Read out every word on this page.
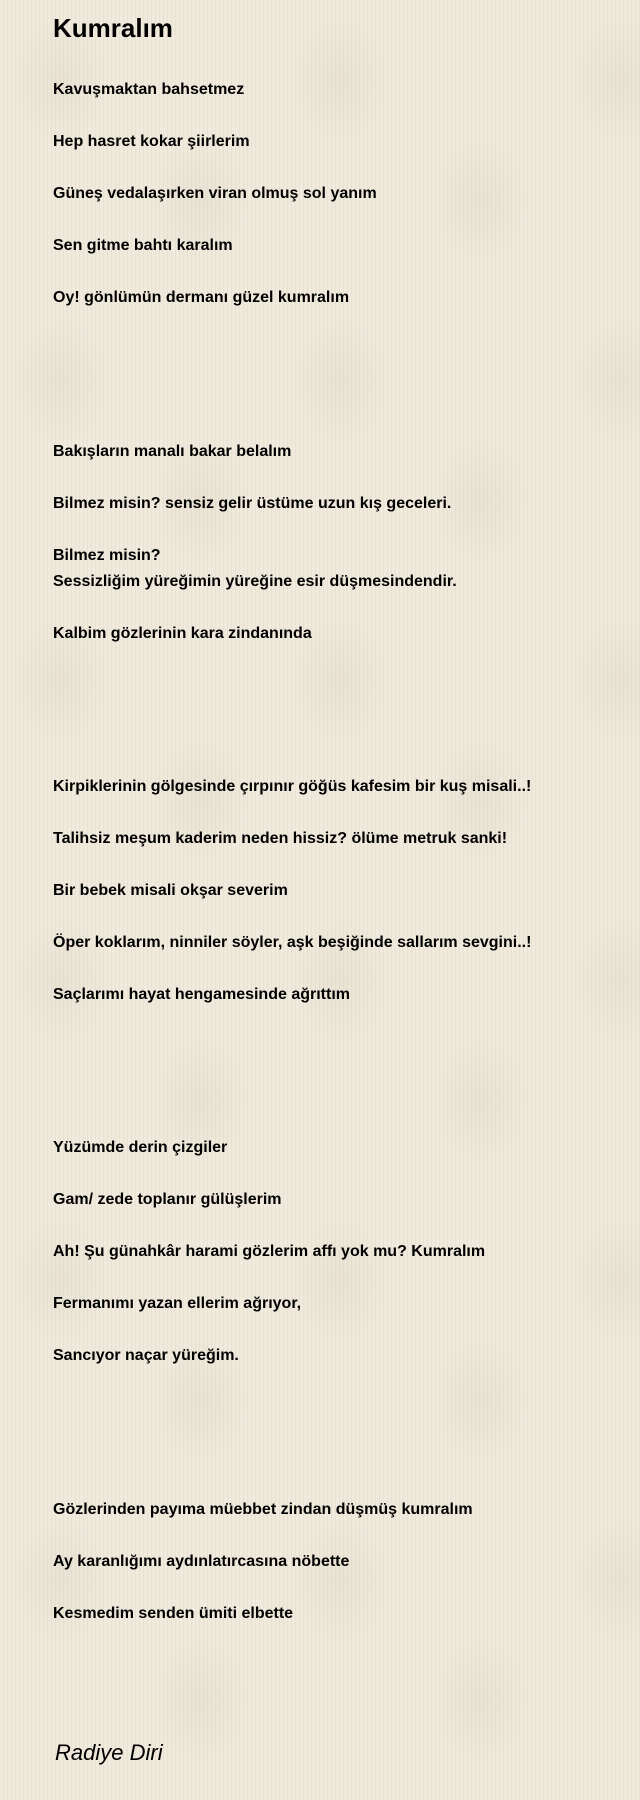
Kumralım
Kavuşmaktan bahsetmez
Hep hasret kokar şiirlerim
Güneş vedalaşırken viran olmuş sol yanım
Sen gitme bahtı karalım
Oy! gönlümün dermanı güzel kumralım
Bakışların manalı bakar belalım
Bilmez misin? sensiz gelir üstüme uzun kış geceleri.
Bilmez misin?
Sessizliğim yüreğimin yüreğine esir düşmesindendir.
Kalbim gözlerinin kara zindanında
Kirpiklerinin gölgesinde çırpınır göğüs kafesim bir kuş misali..!
Talihsiz meşum kaderim neden hissiz? ölüme metruk sanki!
Bir bebek misali okşar severim
Öper koklarım, ninniler söyler, aşk beşiğinde sallarım sevgini..!
Saçlarımı hayat hengamesinde ağrıttım
Yüzümde derin çizgiler
Gam/ zede toplanır gülüşlerim
Ah! Şu günahkâr harami gözlerim affı yok mu? Kumralım
Fermanımı yazan ellerim ağrıyor,
Sancıyor naçar yüreğim.
Gözlerinden payıma müebbet zindan düşmüş kumralım
Ay karanlığımı aydınlatırcasına nöbette
Kesmedim senden ümiti elbette
Radiye Diri
